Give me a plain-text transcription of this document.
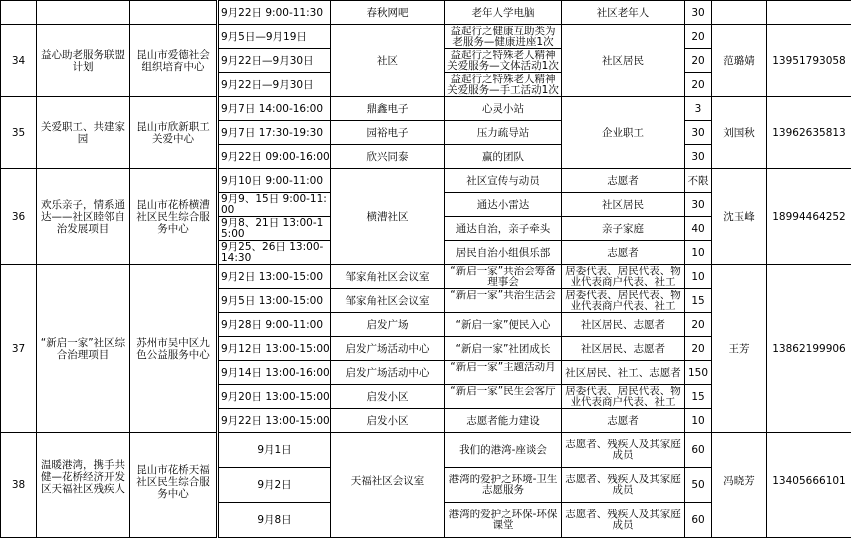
			9月22日 9:00-11:30	春秋网吧	老年人学电脑	社区老年人	30		
34	益心助老服务联盟计划	昆山市爱德社会组织培育中心	9月5日—9月19日	社区	益起行之健康互助类为老服务—健康进座1次	社区居民	20	范璐婧	13951793058
			9月22日—9月30日		益起行之特殊老人精神关爱服务—文体活动1次		20		
			9月22日—9月30日		益起行之特殊老人精神关爱服务—手工活动1次		20		
35	关爱职工、共建家园	昆山市欣新职工关爱中心	9月7日 14:00-16:00	鼎鑫电子	心灵小站	企业职工	3	刘国秋	13962635813
			9月7日 17:30-19:30	园裕电子	压力疏导站		30		
			9月22日 09:00-16:00	欣兴同泰	赢的团队		30		
36	欢乐亲子，情系通达——社区睦邻自治发展项目	昆山市花桥横漕社区民生综合服务中心	9月10日 9:00-11:00	横漕社区	社区宣传与动员	志愿者	不限	沈玉峰	18994464252

			9月9、15日 9:00-11:00		通达小雷达	社区居民	30		

			9月8、21日 13:00-15:00		通达自治，亲子牵头	亲子家庭	40		

			9月25、26日 13:00-14:30		居民自治小组俱乐部	志愿者	10		
37	“新启一家”社区综合治理项目	苏州市吴中区九色公益服务中心	9月2日 13:00-15:00	邹家角社区会议室	“新启一家”共治会筹备理事会	居委代表、居民代表、物业代表商户代表、社工	10	王芳	13862199906
			9月5日 13:00-15:00	邹家角社区会议室	“新启一家”共治生活会	居委代表、居民代表、物业代表商户代表、社工	15		
			9月28日 9:00-11:00	启发广场	“新启一家”便民入心	社区居民、志愿者	20		
			9月12日 13:00-15:00	启发广场活动中心	“新启一家”社团成长	社区居民、志愿者	20		
			9月14日 13:00-16:00	启发广场活动中心	“新启一家”主题活动月	社区居民、社工、志愿者	150		
			9月20日 13:00-15:00	启发小区	“新启一家”民生会客厅	居委代表、居民代表、物业代表商户代表、社工	15		
			9月22日 13:00-15:00	启发小区	志愿者能力建设	志愿者	10		
38	温暖港湾，携手共健—花桥经济开发区天福社区残疾人	昆山市花桥天福社区民生综合服务中心	9月1日	天福社区会议室	我们的港湾-座谈会	志愿者、残疾人及其家庭成员	60	冯晓芳	13405666101

			9月2日		港湾的爱护之环境-卫生志愿服务	志愿者、残疾人及其家庭成员	50		
			9月8日		港湾的爱护之环保-环保课堂	志愿者、残疾人及其家庭成员	60		
